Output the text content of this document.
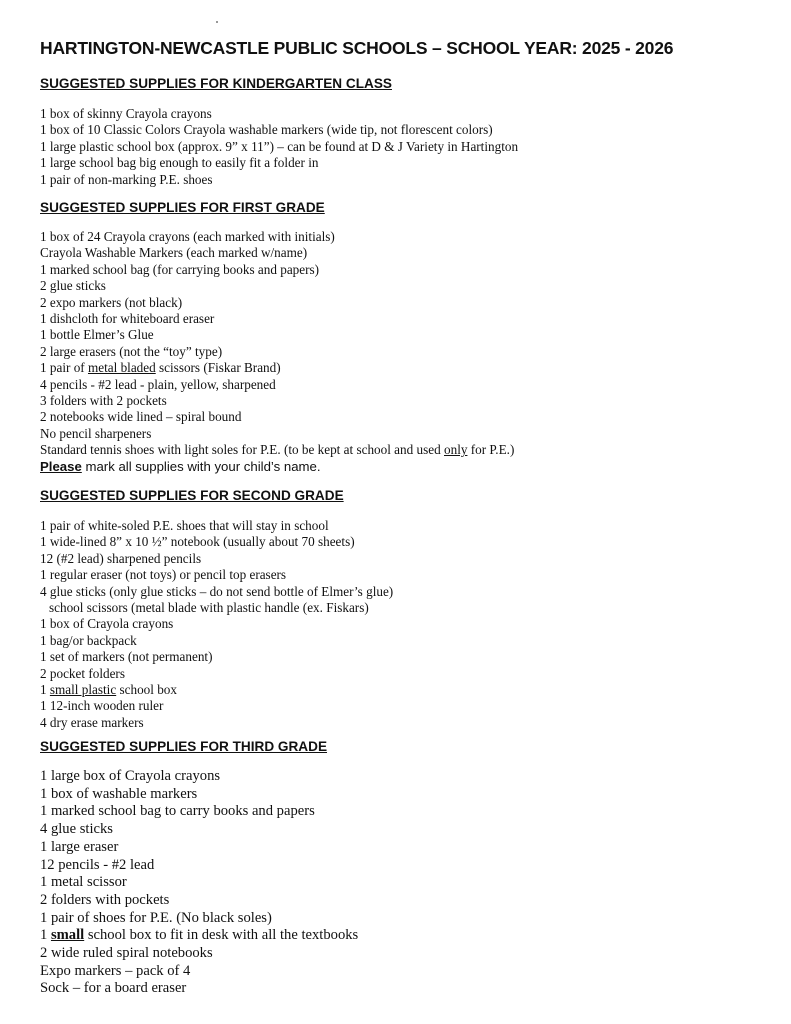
HARTINGTON-NEWCASTLE PUBLIC SCHOOLS – SCHOOL YEAR: 2025 - 2026
SUGGESTED SUPPLIES FOR KINDERGARTEN CLASS
1 box of skinny Crayola crayons
1 box of 10 Classic Colors Crayola washable markers (wide tip, not florescent colors)
1 large plastic school box (approx. 9” x 11”) – can be found at D & J Variety in Hartington
1 large school bag big enough to easily fit a folder in
1 pair of non-marking P.E. shoes
SUGGESTED SUPPLIES FOR FIRST GRADE
1 box of 24 Crayola crayons (each marked with initials)
Crayola Washable Markers (each marked w/name)
1 marked school bag (for carrying books and papers)
2 glue sticks
2 expo markers (not black)
1 dishcloth for whiteboard eraser
1 bottle Elmer’s Glue
2 large erasers (not the “toy” type)
1 pair of metal bladed scissors (Fiskar Brand)
4 pencils - #2 lead - plain, yellow, sharpened
3 folders with 2 pockets
2 notebooks wide lined – spiral bound
No pencil sharpeners
Standard tennis shoes with light soles for P.E. (to be kept at school and used only for P.E.)
Please mark all supplies with your child’s name.
SUGGESTED SUPPLIES FOR SECOND GRADE
1 pair of white-soled P.E. shoes that will stay in school
1 wide-lined 8” x 10 ½” notebook (usually about 70 sheets)
12 (#2 lead) sharpened pencils
1 regular eraser (not toys) or pencil top erasers
4 glue sticks (only glue sticks – do not send bottle of Elmer’s glue)
school scissors (metal blade with plastic handle (ex. Fiskars)
1 box of Crayola crayons
1 bag/or backpack
1 set of markers (not permanent)
2 pocket folders
1 small plastic school box
1 12-inch wooden ruler
4 dry erase markers
SUGGESTED SUPPLIES FOR THIRD GRADE
1 large box of Crayola crayons
1 box of washable markers
1 marked school bag to carry books and papers
4 glue sticks
1 large eraser
12 pencils - #2 lead
1 metal scissor
2 folders with pockets
1 pair of shoes for P.E. (No black soles)
1 small school box to fit in desk with all the textbooks
2 wide ruled spiral notebooks
Expo markers – pack of 4
Sock – for a board eraser
